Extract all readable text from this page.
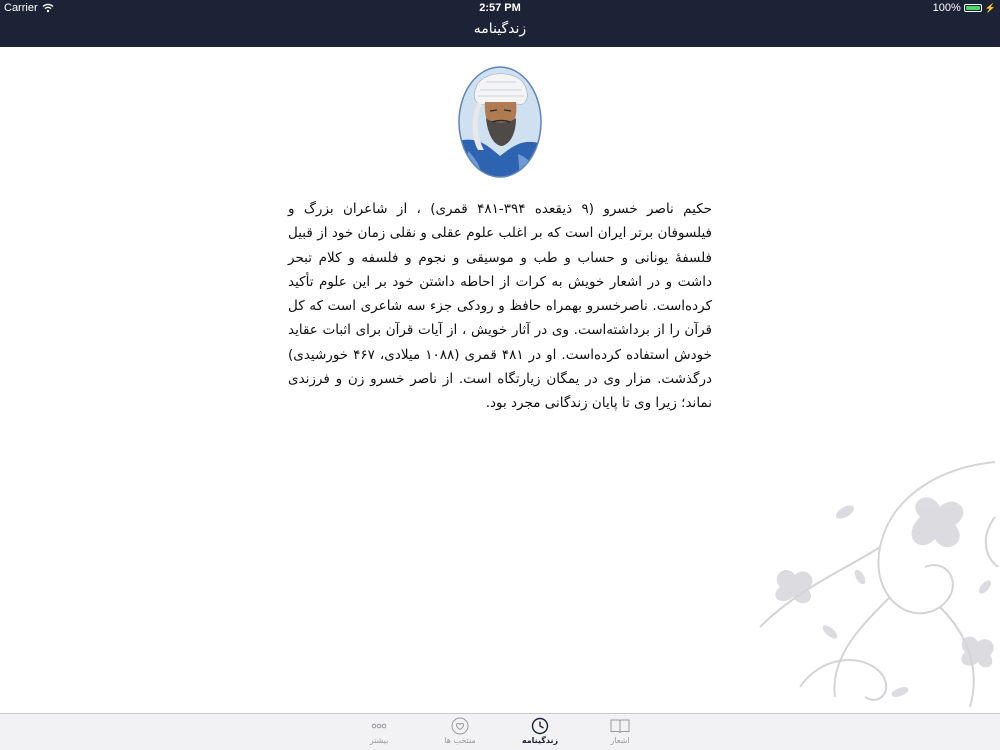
Carrier	2:57 PM	100%	⚡
زندگینامه

حکیم ناصر خسرو (۹ ذیقعده ۳۹۴-۴۸۱ قمری) ، از شاعران بزرگ و فیلسوفان برتر ایران است که بر اغلب علوم عقلی و نقلی زمان خود از قبیل فلسفهٔ یونانی و حساب و طب و موسیقی و نجوم و فلسفه و کلام تبحر داشت و در اشعار خویش به کرات از احاطه داشتن خود بر این علوم تأکید کرده‌است. ناصرخسرو بهمراه حافظ و رودکی جزء سه شاعری است که کل قرآن را از برداشته‌است. وی در آثار خویش ، از آیات قرآن برای اثبات عقاید خودش استفاده کرده‌است. او در ۴۸۱ قمری (۱۰۸۸ میلادی، ۴۶۷ خورشیدی) درگذشت. مزار وی در یمگان زیارتگاه است. از ناصر خسرو زن و فرزندی نماند؛ زیرا وی تا پایان زندگانی مجرد بود.

بیشتر	منتخب ها	زندگینامه	اشعار
